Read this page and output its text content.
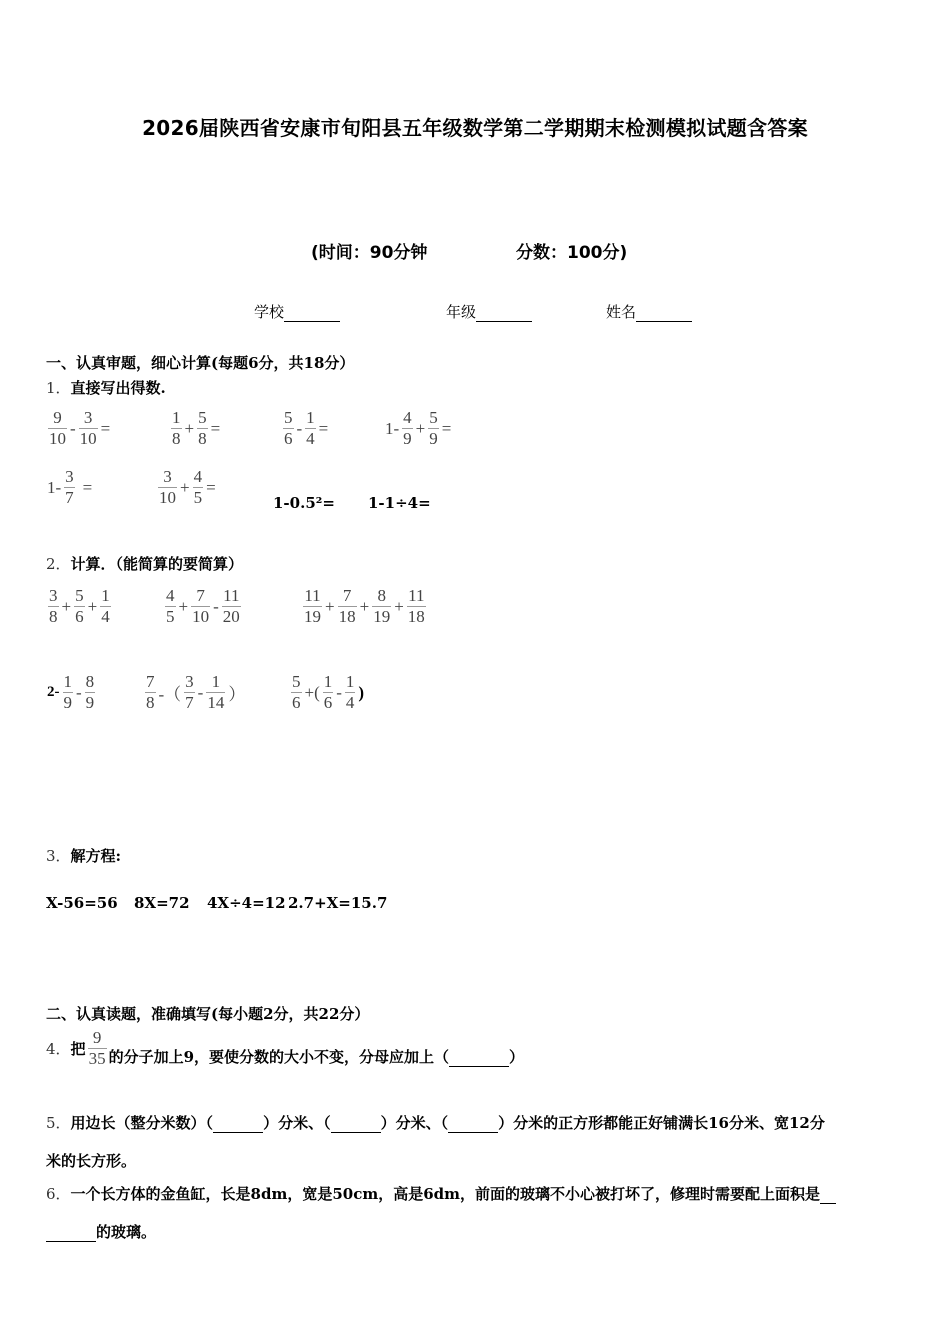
2026届陕西省安康市旬阳县五年级数学第二学期期末检测模拟试题含答案
(时间：90分钟	分数：100分)
学校	年级	姓名
一、认真审题，细心计算(每题6分，共18分）
1．直接写出得数.
$\frac{9}{10} - \frac{3}{10}$ =	$\frac{1}{8} + \frac{5}{8}$ =	$\frac{5}{6} - \frac{1}{4}$ =	$1- \frac{4}{9} + \frac{5}{9}$ =
$1- \frac{3}{7}$ =	$\frac{3}{10} + \frac{4}{5}$ =
1-0.5²= 1-1÷4=
2．计算．（能简算的要简算）
$\frac{3}{8} + \frac{5}{6} + \frac{1}{4}$	$\frac{4}{5} + \frac{7}{10} - \frac{11}{20}$	$\frac{11}{19} + \frac{7}{18} + \frac{8}{19} + \frac{11}{18}$
$2- \frac{1}{9} - \frac{8}{9}$	$\frac{7}{8}$ -（ $\frac{3}{7} - \frac{1}{14}$ ）	$\frac{5}{6}$ +( $\frac{1}{6} - \frac{1}{4}$ )
3．解方程:
X-56=56 8X=72 4X÷4=12 2.7+X=15.7
二、认真读题，准确填写(每小题2分，共22分）
4． 把 $\frac{9}{35}$ 的分子加上9，要使分数的大小不变，分母应加上（	）
5．用边长（整分米数）（	）分米、（	）分米、（	）分米的正方形都能正好铺满长16分米、宽12分
米的长方形。
6．一个长方体的金鱼缸，长是8dm，宽是50cm，高是6dm，前面的玻璃不小心被打坏了，修理时需要配上面积是
的玻璃。
